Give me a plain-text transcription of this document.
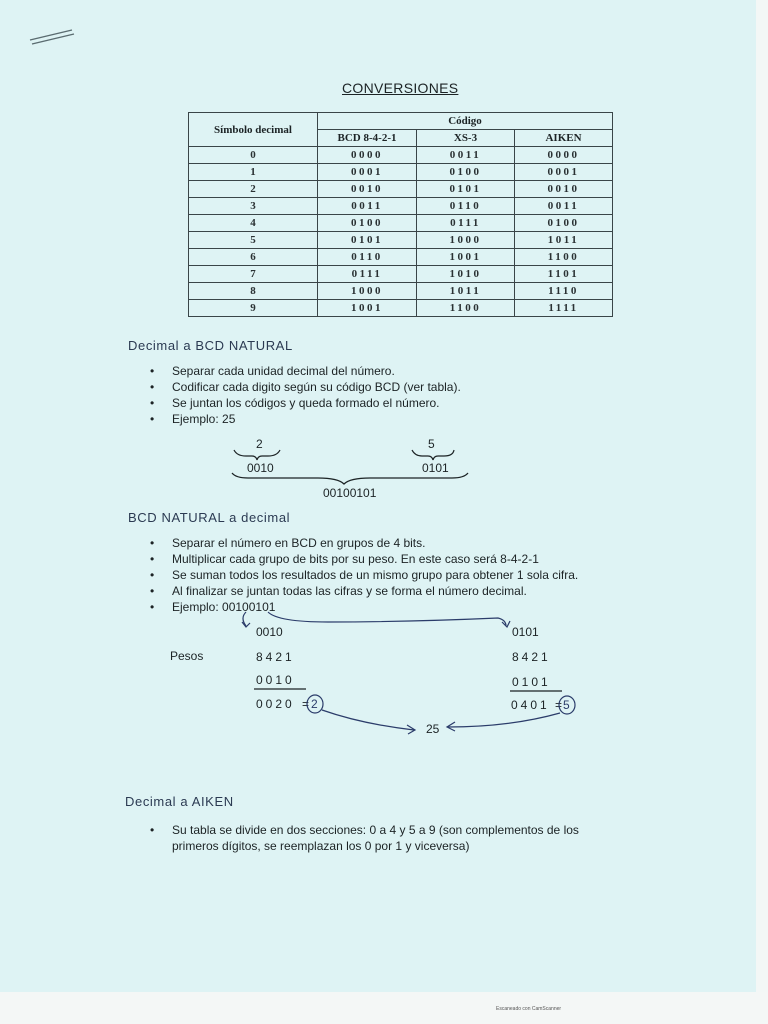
CONVERSIONES
Símbolo decimal	Código		
	BCD 8-4-2-1	XS-3	AIKEN
0	0000	0011	0000
1	0001	0100	0001
2	0010	0101	0010
3	0011	0110	0011
4	0100	0111	0100
5	0101	1000	1011
6	0110	1001	1100
7	0111	1010	1101
8	1000	1011	1110
9	1001	1100	1111
Decimal a BCD NATURAL
• Separar cada unidad decimal del número.
• Codificar cada digito según su código BCD (ver tabla).
• Se juntan los códigos y queda formado el número.
• Ejemplo: 25
2	5
0010	0101
00100101
BCD NATURAL a decimal
• Separar el número en BCD en grupos de 4 bits.
• Multiplicar cada grupo de bits por su peso. En este caso será 8-4-2-1
• Se suman todos los resultados de un mismo grupo para obtener 1 sola cifra.
• Al finalizar se juntan todas las cifras y se forma el número decimal.
• Ejemplo: 00100101
0010	0101
Pesos	8421	8421
0010	0101
0020 = 2	0401 = 5
25
Decimal a AIKEN
• Su tabla se divide en dos secciones: 0 a 4 y 5 a 9 (son complementos de los
primeros dígitos, se reemplazan los 0 por 1 y viceversa)
Escaneado con CamScanner
